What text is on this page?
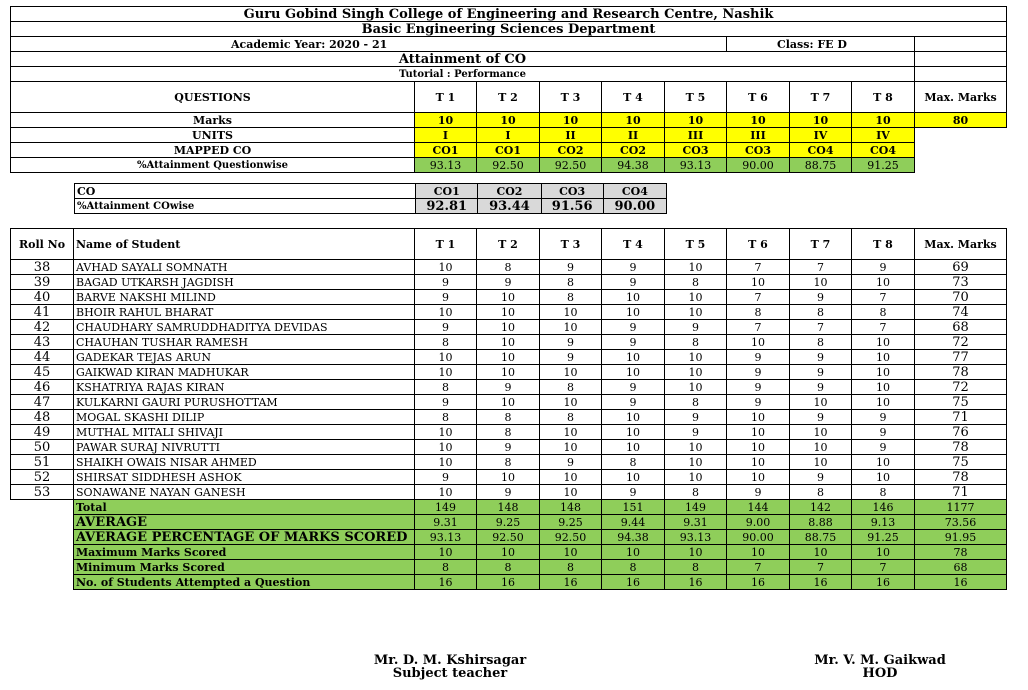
Guru Gobind Singh College of Engineering and Research Centre, Nashik									
Basic Engineering Sciences Department									
Academic Year: 2020 - 21						Class: FE D			
Attainment of CO									
Tutorial : Performance									
QUESTIONS	T 1	T 2	T 3	T 4	T 5	T 6	T 7	T 8	Max. Marks
Marks	10	10	10	10	10	10	10	10	80
UNITS	I	I	II	II	III	III	IV	IV	
MAPPED CO	CO1	CO1	CO2	CO2	CO3	CO3	CO4	CO4	
%Attainment Questionwise	93.13	92.50	92.50	94.38	93.13	90.00	88.75	91.25	
CO	CO1	CO2	CO3	CO4
%Attainment COwise	92.81	93.44	91.56	90.00
Roll No	Name of Student	T 1	T 2	T 3	T 4	T 5	T 6	T 7	T 8	Max. Marks
38	AVHAD SAYALI SOMNATH	10	8	9	9	10	7	7	9	69
39	BAGAD UTKARSH JAGDISH	9	9	8	9	8	10	10	10	73
40	BARVE NAKSHI MILIND	9	10	8	10	10	7	9	7	70
41	BHOIR RAHUL BHARAT	10	10	10	10	10	8	8	8	74
42	CHAUDHARY SAMRUDDHADITYA DEVIDAS	9	10	10	9	9	7	7	7	68
43	CHAUHAN TUSHAR RAMESH	8	10	9	9	8	10	8	10	72
44	GADEKAR TEJAS ARUN	10	10	9	10	10	9	9	10	77
45	GAIKWAD KIRAN MADHUKAR	10	10	10	10	10	9	9	10	78
46	KSHATRIYA RAJAS KIRAN	8	9	8	9	10	9	9	10	72
47	KULKARNI GAURI PURUSHOTTAM	9	10	10	9	8	9	10	10	75
48	MOGAL SKASHI DILIP	8	8	8	10	9	10	9	9	71
49	MUTHAL MITALI SHIVAJI	10	8	10	10	9	10	10	9	76
50	PAWAR SURAJ NIVRUTTI	10	9	10	10	10	10	10	9	78
51	SHAIKH OWAIS NISAR AHMED	10	8	9	8	10	10	10	10	75
52	SHIRSAT SIDDHESH ASHOK	9	10	10	10	10	10	9	10	78
53	SONAWANE NAYAN GANESH	10	9	10	9	8	9	8	8	71
	Total	149	148	148	151	149	144	142	146	1177
	AVERAGE	9.31	9.25	9.25	9.44	9.31	9.00	8.88	9.13	73.56
	AVERAGE PERCENTAGE OF MARKS SCORED	93.13	92.50	92.50	94.38	93.13	90.00	88.75	91.25	91.95
	Maximum Marks Scored	10	10	10	10	10	10	10	10	78
	Minimum Marks Scored	8	8	8	8	8	7	7	7	68
	No. of Students Attempted a Question	16	16	16	16	16	16	16	16	16
Mr. D. M. Kshirsagar
Subject teacher
Mr. V. M. Gaikwad
HOD
